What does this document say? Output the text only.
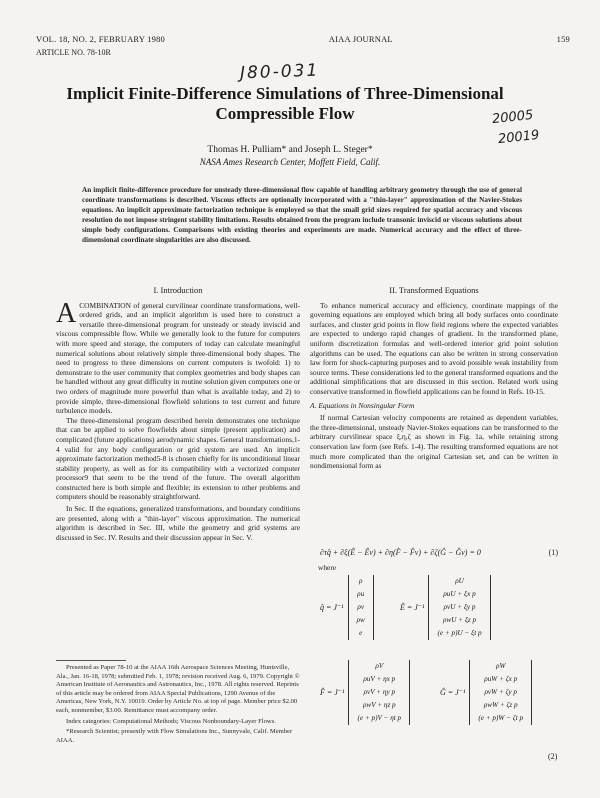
VOL. 18, NO. 2, FEBRUARY 1980	AIAA JOURNAL	159
ARTICLE NO. 78-10R
J80-031
20005
20019
Implicit Finite-Difference Simulations of Three-Dimensional Compressible Flow
Thomas H. Pulliam* and Joseph L. Steger*
NASA Ames Research Center, Moffett Field, Calif.
An implicit finite-difference procedure for unsteady three-dimensional flow capable of handling arbitrary geometry through the use of general coordinate transformations is described. Viscous effects are optionally incorporated with a "thin-layer" approximation of the Navier-Stokes equations. An implicit approximate factorization technique is employed so that the small grid sizes required for spatial accuracy and viscous resolution do not impose stringent stability limitations. Results obtained from the program include transonic inviscid or viscous solutions about simple body configurations. Comparisons with existing theories and experiments are made. Numerical accuracy and the effect of three-dimensional coordinate singularities are also discussed.
I. Introduction
A COMBINATION of general curvilinear coordinate transformations, well-ordered grids, and an implicit algorithm is used here to construct a versatile three-dimensional program for unsteady or steady inviscid and viscous compressible flow. While we generally look to the future for computers with more speed and storage, the computers of today can calculate meaningful numerical solutions about relatively simple three-dimensional body shapes. The need to progress to three dimensions on current computers is twofold: 1) to demonstrate to the user community that complex geometries and body shapes can be handled without any great difficulty in routine solution given computers one or two orders of magnitude more powerful than what is available today, and 2) to provide simple, three-dimensional flowfield solutions to test current and future turbulence models.
The three-dimensional program described herein demonstrates one technique that can be applied to solve flowfields about simple (present application) and complicated (future applications) aerodynamic shapes. General transformations,1-4 valid for any body configuration or grid system are used. An implicit approximate factorization method5-8 is chosen chiefly for its unconditional linear stability property, as well as for its compatibility with a vectorized computer processor9 that seem to be the trend of the future. The overall algorithm constructed here is both simple and flexible; its extension to other problems and computers should be reasonably straightforward.
In Sec. II the equations, generalized transformations, and boundary conditions are presented, along with a "thin-layer" viscous approximation. The numerical algorithm is described in Sec. III, while the geometry and grid systems are discussed in Sec. IV. Results and their discussion appear in Sec. V.
Presented as Paper 78-10 at the AIAA 16th Aerospace Sciences Meeting, Huntsville, Ala., Jan. 16-18, 1978; submitted Feb. 1, 1978; revision received Aug. 6, 1979. Copyright © American Institute of Aeronautics and Astronautics, Inc., 1978. All rights reserved. Reprints of this article may be ordered from AIAA Special Publications, 1290 Avenue of the Americas, New York, N.Y. 10019. Order by Article No. at top of page. Member price $2.00 each, nonmember, $3.00. Remittance must accompany order.
Index categories: Computational Methods; Viscous Nonboundary-Layer Flows.
*Research Scientist; presently with Flow Simulations Inc., Sunnyvale, Calif. Member AIAA.
II. Transformed Equations
To enhance numerical accuracy and efficiency, coordinate mappings of the governing equations are employed which bring all body surfaces onto coordinate surfaces, and cluster grid points in flow field regions where the expected variables are expected to undergo rapid changes of gradient. In the transformed plane, uniform discretization formulas and well-ordered interior grid point solution algorithms can be used. The equations can also be written in strong conservation law form for shock-capturing purposes and to avoid possible weak instability from source terms. These considerations led to the general transformed equations and the additional simplifications that are discussed in this section. Related work using conservative transformed in flowfield applications can be found in Refs. 10-15.
A. Equations in Nonsingular Form
If normal Cartesian velocity components are retained as dependent variables, the three-dimensional, unsteady Navier-Stokes equations can be transformed to the arbitrary curvilinear space ξ,η,ζ as shown in Fig. 1a, while retaining strong conservation law form (see Refs. 1-4). The resulting transformed equations are not much more complicated than the original Cartesian set, and can be written in nondimensional form as
∂τq̂ + ∂ξ(Ê − Êv) + ∂η(F̂ − F̂v) + ∂ζ(Ĝ − Ĝv) = 0	(1)
where
q̂ = J⁻¹
ρ
ρu
ρv
ρw
e
Ê = J⁻¹
ρU
ρuU + ξx p
ρvU + ξy p
ρwU + ξz p
(e + p)U − ξt p
F̂ = J⁻¹
ρV
ρuV + ηx p
ρvV + ηy p
ρwV + ηz p
(e + p)V − ηt p
Ĝ = J⁻¹
ρW
ρuW + ζx p
ρvW + ζy p
ρwW + ζz p
(e + p)W − ζt p
(2)
